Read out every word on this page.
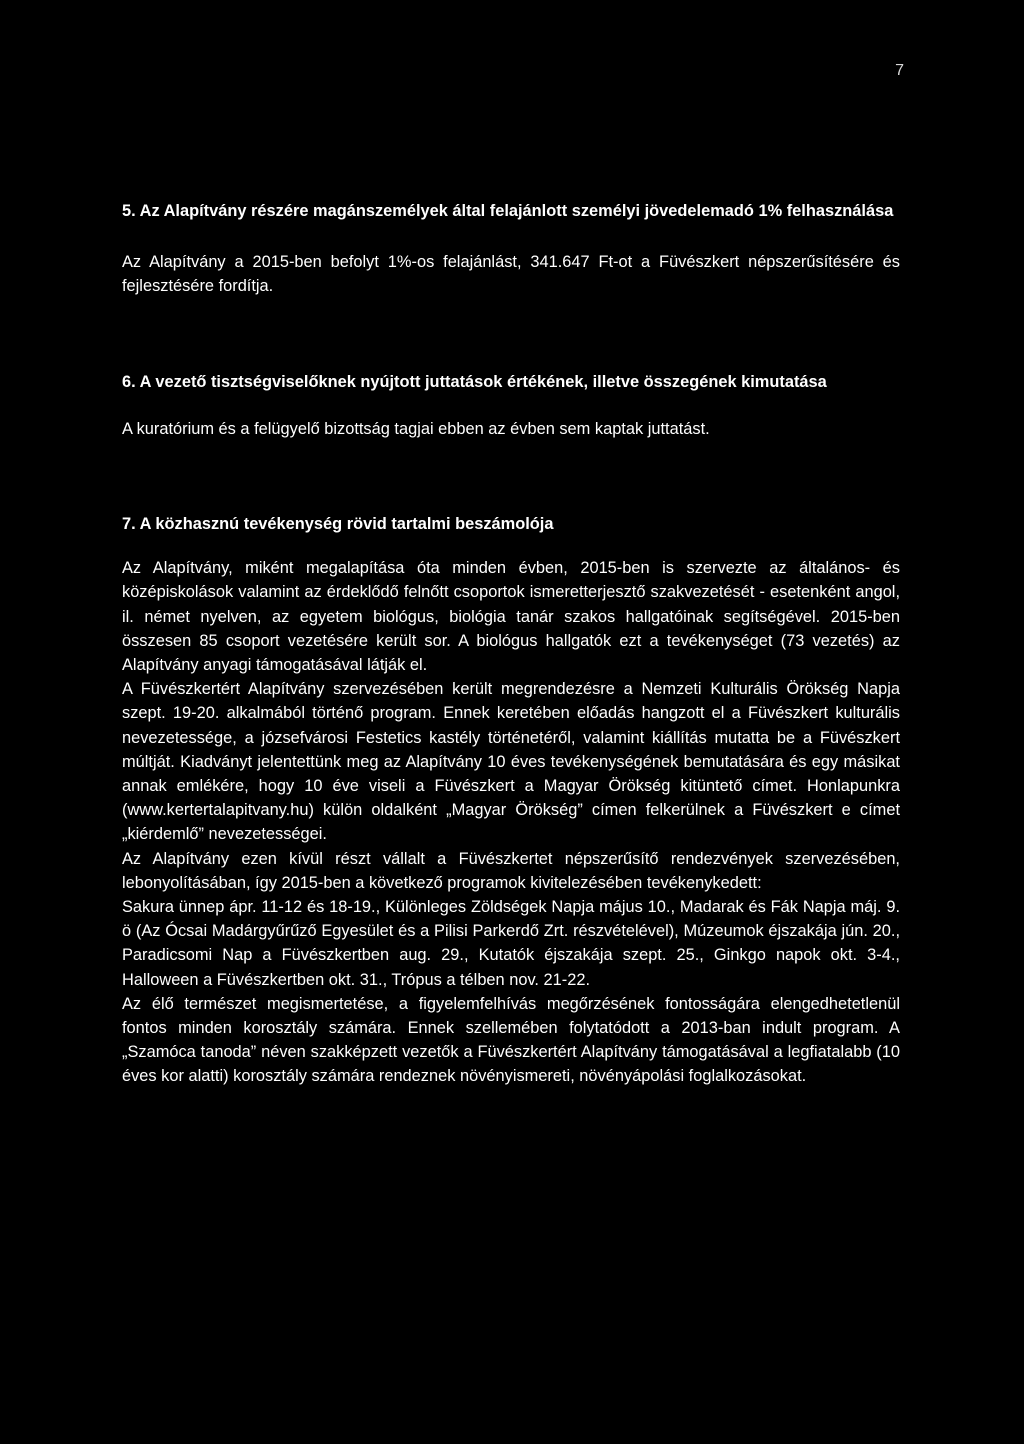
7

5. Az Alapítvány részére magánszemélyek által felajánlott személyi jövedelemadó 1% felhasználása

Az Alapítvány a 2015-ben befolyt 1%-os felajánlást, 341.647 Ft-ot a Füvészkert népszerűsítésére és fejlesztésére fordítja.

6. A vezető tisztségviselőknek nyújtott juttatások értékének, illetve összegének kimutatása

A kuratórium és a felügyelő bizottság tagjai ebben az évben sem kaptak juttatást.

7. A közhasznú tevékenység rövid tartalmi beszámolója

Az Alapítvány, miként megalapítása óta minden évben, 2015-ben is szervezte az általános- és középiskolások valamint az érdeklődő felnőtt csoportok ismeretterjesztő szakvezetését - esetenként angol, il. német nyelven, az egyetem biológus, biológia tanár szakos hallgatóinak segítségével. 2015-ben összesen 85 csoport vezetésére került sor. A biológus hallgatók ezt a tevékenységet (73 vezetés) az Alapítvány anyagi támogatásával látják el.

A Füvészkertért Alapítvány szervezésében került megrendezésre a Nemzeti Kulturális Örökség Napja szept. 19-20. alkalmából történő program. Ennek keretében előadás hangzott el a Füvészkert kulturális nevezetessége, a józsefvárosi Festetics kastély történetéről, valamint kiállítás mutatta be a Füvészkert múltját. Kiadványt jelentettünk meg az Alapítvány 10 éves tevékenységének bemutatására és egy másikat annak emlékére, hogy 10 éve viseli a Füvészkert a Magyar Örökség kitüntető címet. Honlapunkra (www.kertertalapitvany.hu) külön oldalként „Magyar Örökség” címen felkerülnek a Füvészkert e címet „kiérdemlő” nevezetességei.

Az Alapítvány ezen kívül részt vállalt a Füvészkertet népszerűsítő rendezvények szervezésében, lebonyolításában, így 2015-ben a következő programok kivitelezésében tevékenykedett:

Sakura ünnep ápr. 11-12 és 18-19., Különleges Zöldségek Napja május 10., Madarak és Fák Napja máj. 9. ö (Az Ócsai Madárgyűrűző Egyesület és a Pilisi Parkerdő Zrt. részvételével), Múzeumok éjszakája jún. 20., Paradicsomi Nap a Füvészkertben aug. 29., Kutatók éjszakája szept. 25., Ginkgo napok okt. 3-4., Halloween a Füvészkertben okt. 31., Trópus a télben nov. 21-22.

Az élő természet megismertetése, a figyelemfelhívás megőrzésének fontosságára elengedhetetlenül fontos minden korosztály számára. Ennek szellemében folytatódott a 2013-ban indult program. A „Szamóca tanoda” néven szakképzett vezetők a Füvészkertért Alapítvány támogatásával a legfiatalabb (10 éves kor alatti) korosztály számára rendeznek növényismereti, növényápolási foglalkozásokat.
